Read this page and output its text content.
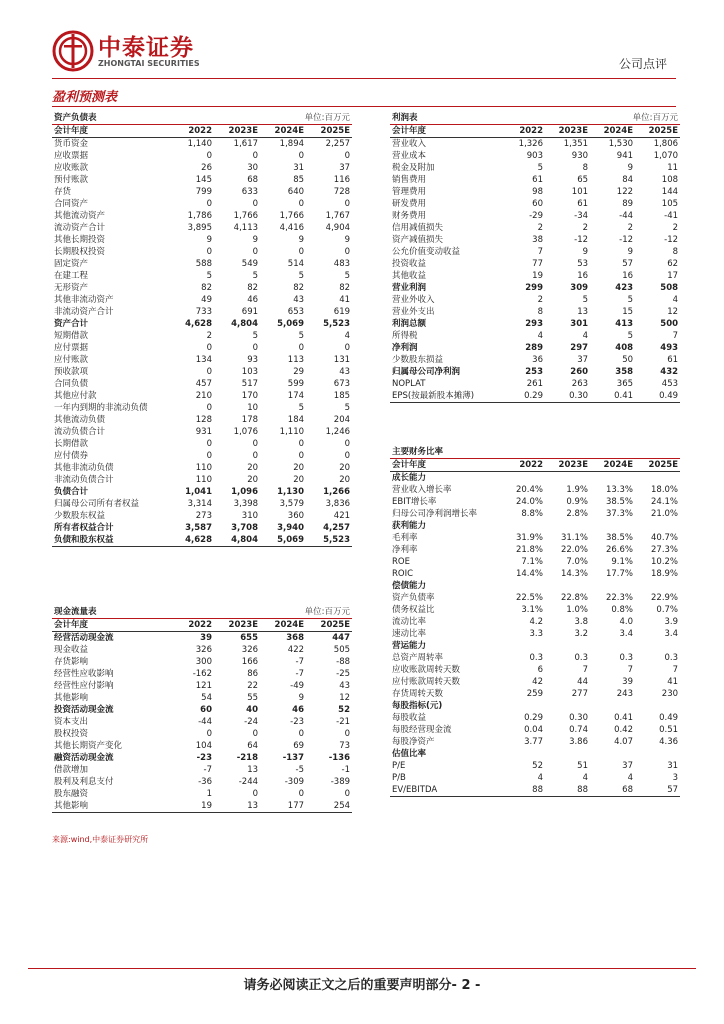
中泰证券
ZHONGTAI SECURITIES	公司点评
盈利预测表
资产负债表			单位:百万元	
会计年度	2022	2023E	2024E	2025E
货币资金	1,140	1,617	1,894	2,257
应收票据	0	0	0	0
应收账款	26	30	31	37
预付账款	145	68	85	116
存货	799	633	640	728
合同资产	0	0	0	0
其他流动资产	1,786	1,766	1,766	1,767
流动资产合计	3,895	4,113	4,416	4,904
其他长期投资	9	9	9	9
长期股权投资	0	0	0	0
固定资产	588	549	514	483
在建工程	5	5	5	5
无形资产	82	82	82	82
其他非流动资产	49	46	43	41
非流动资产合计	733	691	653	619
资产合计	4,628	4,804	5,069	5,523
短期借款	2	5	5	4
应付票据	0	0	0	0
应付账款	134	93	113	131
预收款项	0	103	29	43
合同负债	457	517	599	673
其他应付款	210	170	174	185
一年内到期的非流动负债	0	10	5	5
其他流动负债	128	178	184	204
流动负债合计	931	1,076	1,110	1,246
长期借款	0	0	0	0
应付债券	0	0	0	0
其他非流动负债	110	20	20	20
非流动负债合计	110	20	20	20
负债合计	1,041	1,096	1,130	1,266
归属母公司所有者权益	3,314	3,398	3,579	3,836
少数股东权益	273	310	360	421
所有者权益合计	3,587	3,708	3,940	4,257
负债和股东权益	4,628	4,804	5,069	5,523
现金流量表			单位:百万元	
会计年度	2022	2023E	2024E	2025E
经营活动现金流	39	655	368	447
现金收益	326	326	422	505
存货影响	300	166	-7	-88
经营性应收影响	-162	86	-7	-25
经营性应付影响	121	22	-49	43
其他影响	54	55	9	12
投资活动现金流	60	40	46	52
资本支出	-44	-24	-23	-21
股权投资	0	0	0	0
其他长期资产变化	104	64	69	73
融资活动现金流	-23	-218	-137	-136
借款增加	-7	13	-5	-1
股利及利息支付	-36	-244	-309	-389
股东融资	1	0	0	0
其他影响	19	13	177	254
利润表			单位:百万元	
会计年度	2022	2023E	2024E	2025E
营业收入	1,326	1,351	1,530	1,806
营业成本	903	930	941	1,070
税金及附加	5	8	9	11
销售费用	61	65	84	108
管理费用	98	101	122	144
研发费用	60	61	89	105
财务费用	-29	-34	-44	-41
信用减值损失	2	2	2	2
资产减值损失	38	-12	-12	-12
公允价值变动收益	7	9	9	8
投资收益	77	53	57	62
其他收益	19	16	16	17
营业利润	299	309	423	508
营业外收入	2	5	5	4
营业外支出	8	13	15	12
利润总额	293	301	413	500
所得税	4	4	5	7
净利润	289	297	408	493
少数股东损益	36	37	50	61
归属母公司净利润	253	260	358	432
NOPLAT	261	263	365	453
EPS(按最新股本摊薄)	0.29	0.30	0.41	0.49
主要财务比率				
会计年度	2022	2023E	2024E	2025E
成长能力				
营业收入增长率	20.4%	1.9%	13.3%	18.0%
EBIT增长率	24.0%	0.9%	38.5%	24.1%
归母公司净利润增长率	8.8%	2.8%	37.3%	21.0%
获利能力				
毛利率	31.9%	31.1%	38.5%	40.7%
净利率	21.8%	22.0%	26.6%	27.3%
ROE	7.1%	7.0%	9.1%	10.2%
ROIC	14.4%	14.3%	17.7%	18.9%
偿债能力				
资产负债率	22.5%	22.8%	22.3%	22.9%
债务权益比	3.1%	1.0%	0.8%	0.7%
流动比率	4.2	3.8	4.0	3.9
速动比率	3.3	3.2	3.4	3.4
营运能力				
总资产周转率	0.3	0.3	0.3	0.3
应收账款周转天数	6	7	7	7
应付账款周转天数	42	44	39	41
存货周转天数	259	277	243	230
每股指标(元)				
每股收益	0.29	0.30	0.41	0.49
每股经营现金流	0.04	0.74	0.42	0.51
每股净资产	3.77	3.86	4.07	4.36
估值比率				
P/E	52	51	37	31
P/B	4	4	4	3
EV/EBITDA	88	88	68	57
来源:wind,中泰证券研究所
请务必阅读正文之后的重要声明部分- 2 -
